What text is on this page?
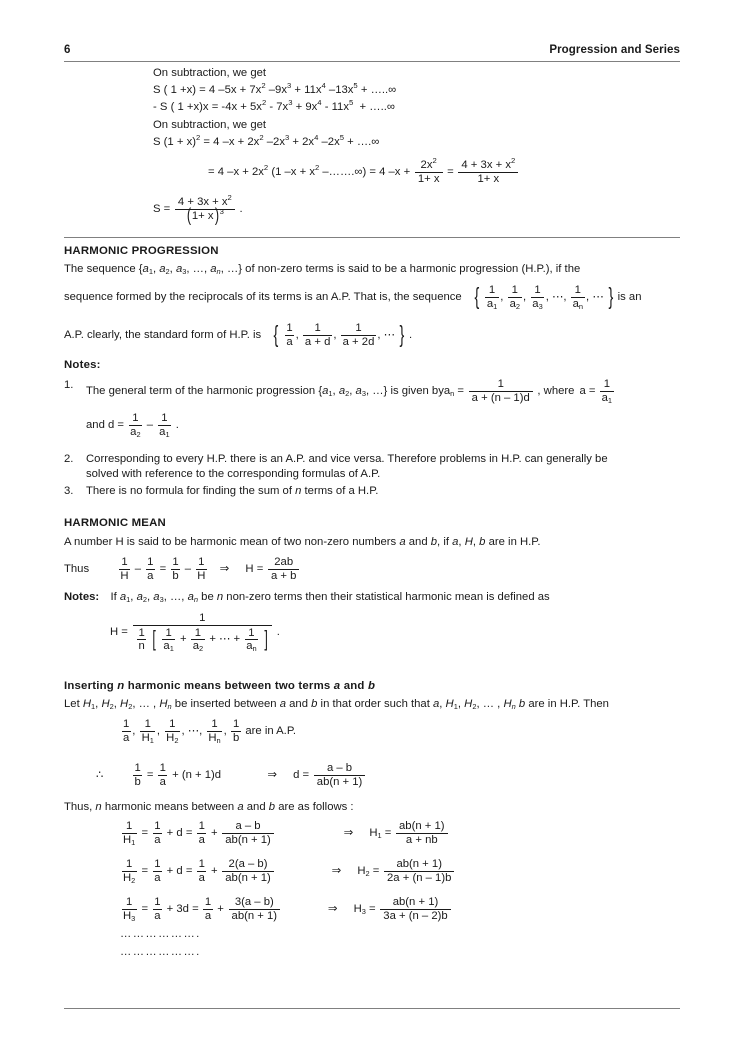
6	Progression and Series
On subtraction, we get
S ( 1 +x) = 4 $-5x + 7x^2$ $-9x^3 + 11x^4$ $-13x^5$ + …..∞
- S ( $1 +x)x = -4x + 5x^2 - 7x^3 + 9x^4 - 11x^5$  + …..∞
On subtraction, we get
S $(1 + x)^2 = 4$ $-x + 2x^2$ $-2x^3 + 2x^4$ $-2x^5$ + ….∞
= 4 $-x + 2x^2$ (1 $-x + x^2$ –…….∞) = 4 $-x + \frac{2x^2}{1+ x} = \frac{4 + 3x + x^2}{1+ x}$
$S = \frac{4 + 3x + x^2}{(1+ x)^3}$ .
HARMONIC PROGRESSION
The sequence {$a_1$, $a_2$, $a_3$, …, $a_n$, …} of non-zero terms is said to be a harmonic progression (H.P.), if the
sequence formed by the reciprocals of its terms is an A.P. That is, the sequence { $\frac{1}{a_1}$ , $\frac{1}{a_2}$ , $\frac{1}{a_3}$ , ⋯, $\frac{1}{a_n}$ , ⋯ } is an
A.P. clearly, the standard form of H.P. is { $\frac{1}{a}$ , $\frac{1}{a + d}$ , $\frac{1}{a + 2d}$ , ⋯ } .
Notes:
1.	The general term of the harmonic progression {$a_1$, $a_2$, $a_3$, …} is given $bya_n = \frac{1}{a + (n - 1)d}$ , where $a = \frac{1}{a_1}$
and $d = \frac{1}{a_2} - \frac{1}{a_1}$ .
2.	Corresponding to every H.P. there is an A.P. and vice versa. Therefore problems in H.P. can generally be
solved with reference to the corresponding formulas of A.P.
3.	There is no formula for finding the sum of n terms of a H.P.
HARMONIC MEAN
A number H is said to be harmonic mean of two non-zero numbers a and b, if a, H, b are in H.P.
Thus	$\frac{1}{H} - \frac{1}{a} = \frac{1}{b} - \frac{1}{H}$ ⇒ $H = \frac{2ab}{a + b}$
Notes: If $a_1$, $a_2$, $a_3$, …, $a_n$ be n non-zero terms then their statistical harmonic mean is defined as
H =
1
$\frac{1}{n}$ [ $\frac{1}{a_1} + \frac{1}{a_2}$ + ⋯ + $\frac{1}{a_n}$ ] .
Inserting n harmonic means between two terms a and b
Let $H_1$, $H_2$, $H_2$, … , $H_n$ be inserted between a and b in that order such that a, $H_1$, $H_2$, … , $H_n$ b are in H.P. Then
$\frac{1}{a}$ , $\frac{1}{H_1}$ , $\frac{1}{H_2}$ , ⋯, $\frac{1}{H_n}$ , $\frac{1}{b}$ are in A.P.
∴	$\frac{1}{b} = \frac{1}{a} + (n + 1)d$	⇒ $d = \frac{a - b}{ab(n + 1)}$
Thus, n harmonic means between a and b are as follows :
$\frac{1}{H_1} = \frac{1}{a} + d = \frac{1}{a} + \frac{a - b}{ab(n + 1)}$	⇒ $H_1 = \frac{ab(n + 1)}{a + nb}$
$\frac{1}{H_2} = \frac{1}{a} + d = \frac{1}{a} + \frac{2(a - b)}{ab(n + 1)}$	⇒ $H_2 = \frac{ab(n + 1)}{2a + (n - 1)b}$
$\frac{1}{H_3} = \frac{1}{a} + 3d = \frac{1}{a} + \frac{3(a - b)}{ab(n + 1)}$	⇒ $H_3 = \frac{ab(n + 1)}{3a + (n - 2)b}$
……………….
……………….
